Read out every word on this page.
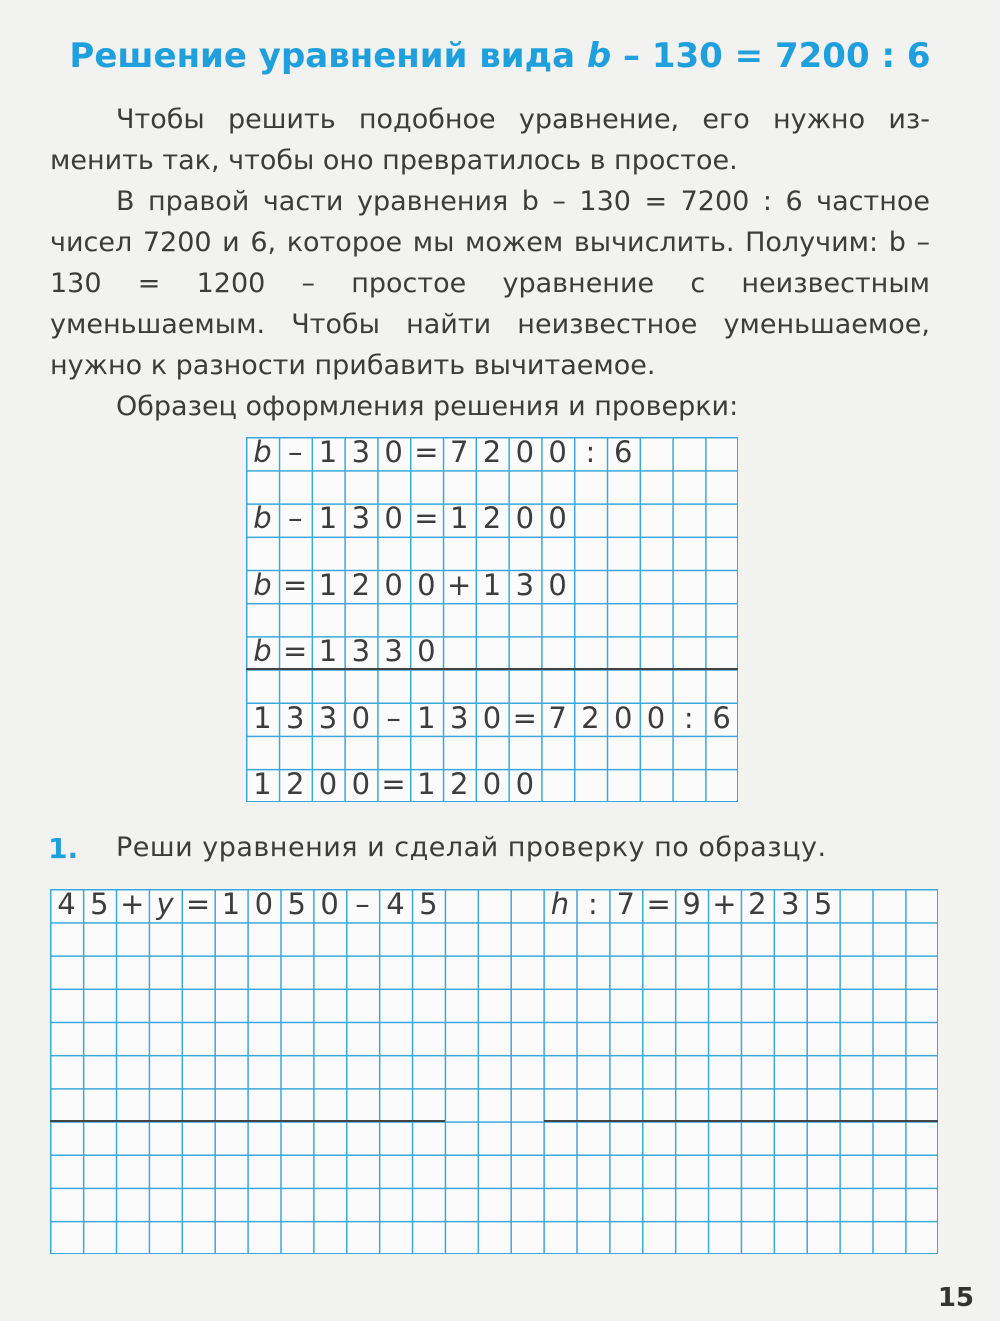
Решение уравнений вида b – 130 = 7200 : 6

Чтобы решить подобное уравнение, его нужно изменить так, чтобы оно превратилось в простое.

В правой части уравнения b – 130 = 7200 : 6 частное чисел 7200 и 6, которое мы можем вычислить. Получим: b – 130 = 1200 – простое уравнение с неизвестным уменьшаемым. Чтобы найти неизвестное уменьшаемое, нужно к разности прибавить вычитаемое.

Образец оформления решения и проверки:

b – 1 3 0 = 7 2 0 0 : 6
b – 1 3 0 = 1 2 0 0
b = 1 2 0 0 + 1 3 0
b = 1 3 3 0
1 3 3 0 – 1 3 0 = 7 2 0 0 : 6
1 2 0 0 = 1 2 0 0
1. Реши уравнения и сделай проверку по образцу.
4 5 + y = 1 0 5 0 – 4 5	h : 7 = 9 + 2 3 5
15
